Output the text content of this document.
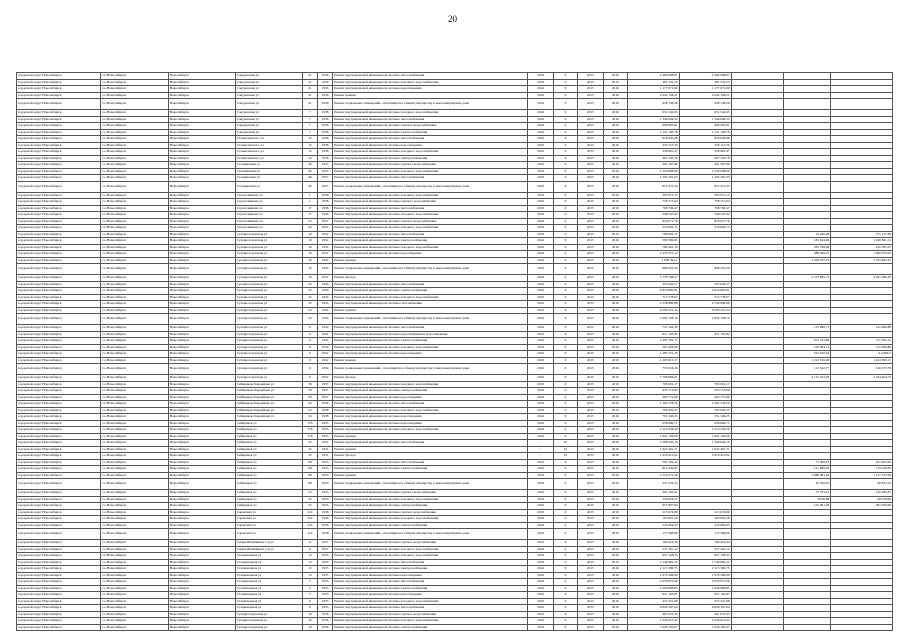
20
городской округ Новосибирск	г.о.Новосибирск	Новосибирск	Сакуровская ул	21	1956	Ремонт внутридомовой инженерной системы теплоснабжения	2016	0	2015	2016	2 499 098,87	2 499 098,87			
городской округ Новосибирск	г.о.Новосибирск	Новосибирск	Сакуровская ул	21	1956	Ремонт внутридомовой инженерной системы холодного водоснабжения	2016	0	2015	2016	381 531,25	381 531,25			
городской округ Новосибирск	г.о.Новосибирск	Новосибирск	Сакуровская ул	21	1956	Ремонт внутридомовой инженерной системы водоотведения	2016	0	2015	2016	1 177 071,69	1 177 071,69			
городской округ Новосибирск	г.о.Новосибирск	Новосибирск	Сакуровская ул	21	1956	Ремонт крыши	2016	0	2015	2016	4 042 136,21	4 042 136,21			
городской округ Новосибирск	г.о.Новосибирск	Новосибирск	Сакуровская ул	21	1956	Ремонт подвальных помещений, относящихся к общему имуществу в многоквартирном доме	2016	0	2015	2016	458 138,28	458 138,28			
городской округ Новосибирск	г.о.Новосибирск	Новосибирск	Сакуровская ул	7	1958	Ремонт внутридомовой инженерной системы холодного водоснабжения	2016	0	2015	2016	631 542,65	631 542,65			
городской округ Новосибирск	г.о.Новосибирск	Новосибирск	Сакуровская ул	7	1958	Ремонт внутридомовой инженерной системы теплоснабжения	2016	0	2015	2016	1 346 694,52	1 346 694,52			
городской округ Новосибирск	г.о.Новосибирск	Новосибирск	Сакуровская ул	7	1958	Ремонт внутридомовой инженерной системы горячего водоснабжения	2016	0	2015	2016	608 995,81	608 995,81			
городской округ Новосибирск	г.о.Новосибирск	Новосибирск	Сакуровская ул	7	1958	Ремонт внутридомовой инженерной системы электроснабжения	2016	0	2015	2016	1 131 100,78	1 131 100,78			
городской округ Новосибирск	г.о.Новосибирск	Новосибирск	Станиславского ул	12	1958	Ремонт внутридомовой инженерной системы теплоснабжения	2016	0	2015	2016	918 945,98	918 945,98			
городской округ Новосибирск	г.о.Новосибирск	Новосибирск	Станиславского ул	12	1958	Ремонт внутридомовой инженерной системы водоотведения	2016	0	2015	2016	259 115,56	259 115,56			
городской округ Новосибирск	г.о.Новосибирск	Новосибирск	Станиславского ул	12	1958	Ремонт внутридомовой инженерной системы холодного водоснабжения	2016	0	2015	2016	358 961,47	358 961,47			
городской округ Новосибирск	г.о.Новосибирск	Новосибирск	Станиславского ул	12	1958	Ремонт внутридомовой инженерной системы электроснабжения	2016	0	2015	2016	467 345,78	467 345,78			
городской округ Новосибирск	г.о.Новосибирск	Новосибирск	Станционная ул	40	1957	Ремонт внутридомовой инженерной системы горячего водоснабжения	2016	0	2015	2016	461 567,86	461 567,86			
городской округ Новосибирск	г.о.Новосибирск	Новосибирск	Станционная ул	40	1957	Ремонт внутридомовой инженерной системы холодного водоснабжения	2016	0	2015	2016	1 259 698,69	1 259 698,69			
городской округ Новосибирск	г.о.Новосибирск	Новосибирск	Станционная ул	40	1957	Ремонт внутридомовой инженерной системы теплоснабжения	2016	0	2015	2016	1 205 361,03	1 205 361,03			
городской округ Новосибирск	г.о.Новосибирск	Новосибирск	Станционная ул	40	1957	Ремонт подвальных помещений, относящихся к общему имуществу в многоквартирном доме	2016	0	2015	2016	812 475,25	812 475,25			
городской округ Новосибирск	г.о.Новосибирск	Новосибирск	Стрелочникова ул	1	1958	Ремонт внутридомовой инженерной системы холодного водоснабжения	2016	0	2015	2016	395 971,15	395 971,15			
городской округ Новосибирск	г.о.Новосибирск	Новосибирск	Стрелочникова ул	1	1958	Ремонт внутридомовой инженерной системы горячего водоснабжения	2016	0	2015	2016	758 715,64	758 715,64			
городской округ Новосибирск	г.о.Новосибирск	Новосибирск	Стрелочникова ул	17	1958	Ремонт внутридомовой инженерной системы теплоснабжения	2016	0	2015	2016	768 796,47	768 796,47			
городской округ Новосибирск	г.о.Новосибирск	Новосибирск	Стрелочникова ул	17	1958	Ремонт внутридомовой инженерной системы холодного водоснабжения	2016	0	2015	2016	348 547,62	348 547,62			
городской округ Новосибирск	г.о.Новосибирск	Новосибирск	Стрелочникова ул	54	1957	Ремонт внутридомовой инженерной системы горячего водоснабжения	2016	0	2015	2016	816 071,76	816 071,76			
городской округ Новосибирск	г.о.Новосибирск	Новосибирск	Стрелочникова ул	54	1957	Ремонт внутридомовой инженерной системы холодного водоснабжения	2016	0	2015	2016	516 692,15	516 692,15			
городской округ Новосибирск	г.о.Новосибирск	Новосибирск	Сухарногоровская ул	16	1952	Ремонт внутридомовой инженерной системы теплоснабжения	2016	0	2015	2016	789 663,71			16 446,28	575 157,66
городской округ Новосибирск	г.о.Новосибирск	Новосибирск	Сухарногоровская ул	16	1952	Ремонт внутридомовой инженерной системы электроснабжения	2016	0	2015	2016	569 399,63			182 044,96	1 160 861,51
городской округ Новосибирск	г.о.Новосибирск	Новосибирск	Сухарногоровская ул	16	1952	Ремонт внутридомовой инженерной системы холодного водоснабжения	2016	0	2015	2016	786 461,16			265 798,98	250 305,27
городской округ Новосибирск	г.о.Новосибирск	Новосибирск	Сухарногоровская ул	16	1952	Ремонт внутридомовой инженерной системы водоотведения	2016	0	2015	2016	2 279 251,12			488 590,91	1 990 659,02
городской округ Новосибирск	г.о.Новосибирск	Новосибирск	Сухарногоровская ул	16	1952	Ремонт крыши	2016	0	2015	2016	1 958 421,1			1 264 797,13	1 525 863,25
городской округ Новосибирск	г.о.Новосибирск	Новосибирск	Сухарногоровская ул	16	1952	Ремонт подвальных помещений, относящихся к общему имуществу в многоквартирном доме	2016	0	2015	2016	668 252,29	668 252,29			
городской округ Новосибирск	г.о.Новосибирск	Новосибирск	Сухарногоровская ул	16	1952	Ремонт фасада	2016	0	2015	2016	5 778 108,57			2 513 085,73	4 921 286,39
городской округ Новосибирск	г.о.Новосибирск	Новосибирск	Сухарногоровская ул	22	1954	Ремонт внутридомовой инженерной системы теплоснабжения	2016	0	2015	2016	353 642,57	353 642,57			
городской округ Новосибирск	г.о.Новосибирск	Новосибирск	Сухарногоровская ул	22	1954	Ремонт внутридомовой инженерной системы электроснабжения	2016	0	2015	2016	8 916 881,81	4 616 881,81			
городской округ Новосибирск	г.о.Новосибирск	Новосибирск	Сухарногоровская ул	22	1954	Ремонт внутридомовой инженерной системы холодного водоснабжения	2016	0	2015	2016	715 778,07	715 778,07			
городской округ Новосибирск	г.о.Новосибирск	Новосибирск	Сухарногоровская ул	22	1954	Ремонт внутридомовой инженерной системы газоснабжения	2016	0	2015	2016	2 538 889,88	2 538 889,88			
городской округ Новосибирск	г.о.Новосибирск	Новосибирск	Сухарногоровская ул	22	1954	Ремонт крыши	2016	0	2015	2016	6 506 321,24	6 506 321,24			
городской округ Новосибирск	г.о.Новосибирск	Новосибирск	Сухарногоровская ул	22	1954	Ремонт подвальных помещений, относящихся к общему имуществу в многоквартирном доме	2016	0	2015	2016	1 062 158,16	1 062 158,16			
городской округ Новосибирск	г.о.Новосибирск	Новосибирск	Сухарногоровская ул	9	1952	Ремонт внутридомовой инженерной системы теплоснабжения	2016	0	2015	2016	731 594,36			113 996,71	141 890,88
городской округ Новосибирск	г.о.Новосибирск	Новосибирск	Сухарногоровская ул	9	1952	Ремонт внутридомовой инженерной системы водоснабжения и водоотведения	2016	0	2015	2016	811 105,82	811 105,82			
городской округ Новосибирск	г.о.Новосибирск	Новосибирск	Сухарногоровская ул	9	1952	Ремонт внутридомовой инженерной системы электроснабжения	2016	0	2015	2016	1 497 561,73			615 741,89	727 561,52
городской округ Новосибирск	г.о.Новосибирск	Новосибирск	Сухарногоровская ул	9	1952	Ремонт внутридомовой инженерной системы холодного водоснабжения	2016	0	2015	2016	267 426,89			120 964,13	172 496,86
городской округ Новосибирск	г.о.Новосибирск	Новосибирск	Сухарногоровская ул	9	1952	Ремонт внутридомовой инженерной системы водоотведения	2016	0	2015	2016	1 485 251,35			522 816,94	6 4 984,5
городской округ Новосибирск	г.о.Новосибирск	Новосибирск	Сухарногоровская ул	9	1952	Ремонт крыши	2016	0	2015	2016	1 265 815,57			1 212 316,26	1 424 399,13
городской округ Новосибирск	г.о.Новосибирск	Новосибирск	Сухарногоровская ул	9	1952	Ремонт подвальных помещений, относящихся к общему имуществу в многоквартирном доме	2016	0	2015	2016	733 616,26			112 542,77	140 473,78
городской округ Новосибирск	г.о.Новосибирск	Новосибирск	Сухарногоровская ул	9	1952	Ремонт фасада	2016	0	2015	2016	5 796 806,91			2 115 523,29	2 344 404,73
городской округ Новосибирск	г.о.Новосибирск	Новосибирск	Сибиряков-Гвардейцев ул	58	1957	Ремонт внутридомовой инженерной системы холодного водоснабжения	2016	0	2015	2016	795 001,17	795 001,17			
городской округ Новосибирск	г.о.Новосибирск	Новосибирск	Сибиряков-Гвардейцев ул	58	1957	Ремонт внутридомовой инженерной системы электроснабжения	2016	0	2015	2016	435 713,69	435 713,69			
городской округ Новосибирск	г.о.Новосибирск	Новосибирск	Сибиряков-Гвардейцев ул	58	1957	Ремонт внутридомовой инженерной системы водоотведения	2016	0	2015	2016	495 771,89	495 771,89			
городской округ Новосибирск	г.о.Новосибирск	Новосибирск	Сибиряков-Гвардейцев ул	54	1958	Ремонт внутридомовой инженерной системы теплоснабжения	2016	0	2015	2016	1 262 578,59	1 262 578,59			
городской округ Новосибирск	г.о.Новосибирск	Новосибирск	Сибиряков-Гвардейцев ул	54	1958	Ремонт внутридомовой инженерной системы холодного водоснабжения	2016	0	2015	2016	795 095,55	795 095,55			
городской округ Новосибирск	г.о.Новосибирск	Новосибирск	Сибиряков-Гвардейцев ул	54	1958	Ремонт внутридомовой инженерной системы водоотведения	2016	0	2015	2016	701 346,25	701 346,25			
городской округ Новосибирск	г.о.Новосибирск	Новосибирск	Сибиряков ул	176	1955	Ремонт внутридомовой инженерной системы водоотведения	2016	0	2015	2016	658 660,71	658 660,71			
городской округ Новосибирск	г.о.Новосибирск	Новосибирск	Сибиряков ул	176	1955	Ремонт внутридомовой инженерной системы холодного водоснабжения	2016	0	2015	2016	1 519 256,59	1 519 256,59			
городской округ Новосибирск	г.о.Новосибирск	Новосибирск	Сибиряков ул	176	1955	Ремонт крыши	2016	0	2015	2016	1 841 159,09	1 841 159,09			
городской округ Новосибирск	г.о.Новосибирск	Новосибирск	Сибиряков ул	22	1951	Ремонт внутридомовой инженерной системы теплоснабжения	-	25	2015	2016	1 398 945,16	1 398 945,16			
городской округ Новосибирск	г.о.Новосибирск	Новосибирск	Сибиряков ул	22	1951	Ремонт крыши	-	25	2015	2016	1 622 401,71	1 622 401,71			
городской округ Новосибирск	г.о.Новосибирск	Новосибирск	Сибиряков ул	22	1951	Ремонт фасада	-	25	2015	2016	5 418 415,02	5 418 415,02			
городской округ Новосибирск	г.о.Новосибирск	Новосибирск	Сибиряков ул	98	1953	Ремонт внутридомовой инженерной системы теплоснабжения	2016	0	2015	2016	505 164,42			77 406,23	191 603,63
городской округ Новосибирск	г.о.Новосибирск	Новосибирск	Сибиряков ул	98	1953	Ремонт внутридомовой инженерной системы электроснабжения	2016	0	2015	2016	812 230,65			121 089,26	179 558,65
городской округ Новосибирск	г.о.Новосибирск	Новосибирск	Сибиряков ул	98	1953	Ремонт крыши	2016	0	2015	2016	2 716 271,99			1 086 081,24	1 137 147,98
городской округ Новосибирск	г.о.Новосибирск	Новосибирск	Сибиряков ул	98	1953	Ремонт подвальных помещений, относящихся к общему имуществу в многоквартирном доме	2016	0	2015	2016	231 232,43			40 356,65	80 851,54
городской округ Новосибирск	г.о.Новосибирск	Новосибирск	Сибиряков ул	55	1953	Ремонт внутридомовой инженерной системы горячего водоснабжения	2016	0	2015	2016	402 105,41			57 531,61	120 185,81
городской округ Новосибирск	г.о.Новосибирск	Новосибирск	Сибиряков ул	55	1953	Ремонт внутридомовой инженерной системы холодного водоснабжения	2016	0	2015	2016	136 616,27			29 66,88	68 558,96
городской округ Новосибирск	г.о.Новосибирск	Новосибирск	Сибиряков ул	55	1953	Ремонт внутридомовой инженерной системы электроснабжения	2016	0	2015	2016	657 807,84			152 961,29	281 659,96
городской округ Новосибирск	г.о.Новосибирск	Новосибирск	Саранская ул	22а	1958	Ремонт внутридомовой инженерной системы горячего водоснабжения	2016	0	2015	2016	213 674,89	213 674,89			
городской округ Новосибирск	г.о.Новосибирск	Новосибирск	Саранская ул	22а	1958	Ремонт внутридомовой инженерной системы холодного водоснабжения	2016	0	2015	2016	163 091,28	163 091,28			
городской округ Новосибирск	г.о.Новосибирск	Новосибирск	Саранская ул	22а	1958	Ремонт внутридомовой инженерной системы электроснабжения	2016	0	2015	2016	245 064,63	245 064,63			
городской округ Новосибирск	г.о.Новосибирск	Новосибирск	Саранская ул	22а	1958	Ремонт подвальных помещений, относящихся к общему имуществу в многоквартирном доме	2016	0	2015	2016	173 398,66	173 398,66			
городской округ Новосибирск	г.о.Новосибирск	Новосибирск	Семьи Шамшиных 2-я ул	11	1957	Ремонт внутридомовой инженерной системы горячего водоснабжения	2016	0	2015	2016	169 416,34	169 416,34			
городской округ Новосибирск	г.о.Новосибирск	Новосибирск	Семьи Шамшиных 2-я ул	11	1957	Ремонт внутридомовой инженерной системы холодного водоснабжения	2016	0	2015	2016	237 261,12	237 261,12			
городской округ Новосибирск	г.о.Новосибирск	Новосибирск	Стационарная ул	13	1955	Ремонт внутридомовой инженерной системы холодного водоснабжения	2016	0	2015	2016	657 128,33	657 128,33			
городской округ Новосибирск	г.о.Новосибирск	Новосибирск	Стационарная ул	13	1955	Ремонт внутридомовой инженерной системы теплоснабжения	2016	0	2015	2016	1 146 981,22	1 146 981,22			
городской округ Новосибирск	г.о.Новосибирск	Новосибирск	Стационарная ул	13	1955	Ремонт внутридомовой инженерной системы электроснабжения	2016	0	2015	2016	2 113 390,75	2 113 390,75			
городской округ Новосибирск	г.о.Новосибирск	Новосибирск	Стационарная ул	13	1955	Ремонт внутридомовой инженерной системы водоотведения	2016	0	2015	2016	1 976 396,96	1 976 396,96			
городской округ Новосибирск	г.о.Новосибирск	Новосибирск	Стационарная ул	5	1955	Ремонт внутридомовой инженерной системы теплоснабжения	2016	0	2015	2016	2 036 675,06	2 036 675,06			
городской округ Новосибирск	г.о.Новосибирск	Новосибирск	Стационарная ул	5	1955	Ремонт внутридомовой инженерной системы электроснабжения	2016	0	2015	2016	1 009 998,85	1 009 998,85			
городской округ Новосибирск	г.о.Новосибирск	Новосибирск	Стационарная ул	5	1955	Ремонт внутридомовой инженерной системы водоотведения	2016	0	2015	2016	951 163,87	951 163,87			
городской округ Новосибирск	г.о.Новосибирск	Новосибирск	Стационарная ул	6	1955	Ремонт внутридомовой инженерной системы холодного водоснабжения	2016	0	2015	2016	472 251,68	472 251,68			
городской округ Новосибирск	г.о.Новосибирск	Новосибирск	Стационарная ул	6	1955	Ремонт внутридомовой инженерной системы теплоснабжения	2016	0	2015	2016	6 026 167,64	6 026 167,64			
городской округ Новосибирск	г.о.Новосибирск	Новосибирск	Сухарногоровская ул	19	1958	Ремонт внутридомовой инженерной системы горячего водоснабжения	2016	0	2015	2016	461 072,43	461 072,43			
городской округ Новосибирск	г.о.Новосибирск	Новосибирск	Сухарногоровская ул	19	1958	Ремонт внутридомовой инженерной системы холодного водоснабжения	2016	0	2015	2016	1 026 013,42	1 026 013,42			
городской округ Новосибирск	г.о.Новосибирск	Новосибирск	Сухарногоровская ул	19	1958	Ремонт внутридомовой инженерной системы электроснабжения	2016	0	2015	2016	1 026 105,07	1 026 105,07			
